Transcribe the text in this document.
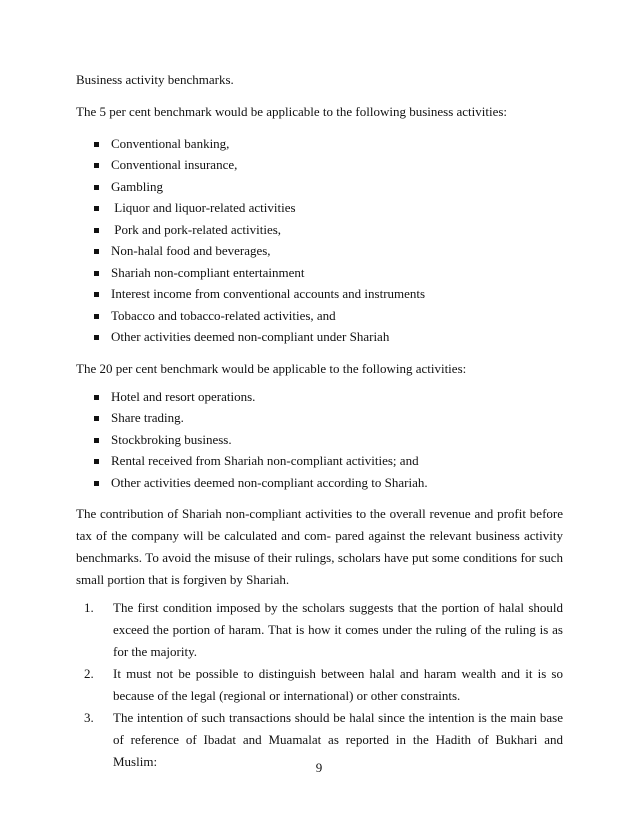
Business activity benchmarks.

The 5 per cent benchmark would be applicable to the following business activities:

Conventional banking,
Conventional insurance,
Gambling
Liquor and liquor-related activities
Pork and pork-related activities,
Non-halal food and beverages,
Shariah non-compliant entertainment
Interest income from conventional accounts and instruments
Tobacco and tobacco-related activities, and
Other activities deemed non-compliant under Shariah

The 20 per cent benchmark would be applicable to the following activities:

Hotel and resort operations.
Share trading.
Stockbroking business.
Rental received from Shariah non-compliant activities; and
Other activities deemed non-compliant according to Shariah.

The contribution of Shariah non-compliant activities to the overall revenue and profit before tax of the company will be calculated and com- pared against the relevant business activity benchmarks. To avoid the misuse of their rulings, scholars have put some conditions for such small portion that is forgiven by Shariah.

1.	The first condition imposed by the scholars suggests that the portion of halal should exceed the portion of haram. That is how it comes under the ruling of the ruling is as for the majority.
2.	It must not be possible to distinguish between halal and haram wealth and it is so because of the legal (regional or international) or other constraints.
3.	The intention of such transactions should be halal since the intention is the main base of reference of Ibadat and Muamalat as reported in the Hadith of Bukhari and Muslim:	9
